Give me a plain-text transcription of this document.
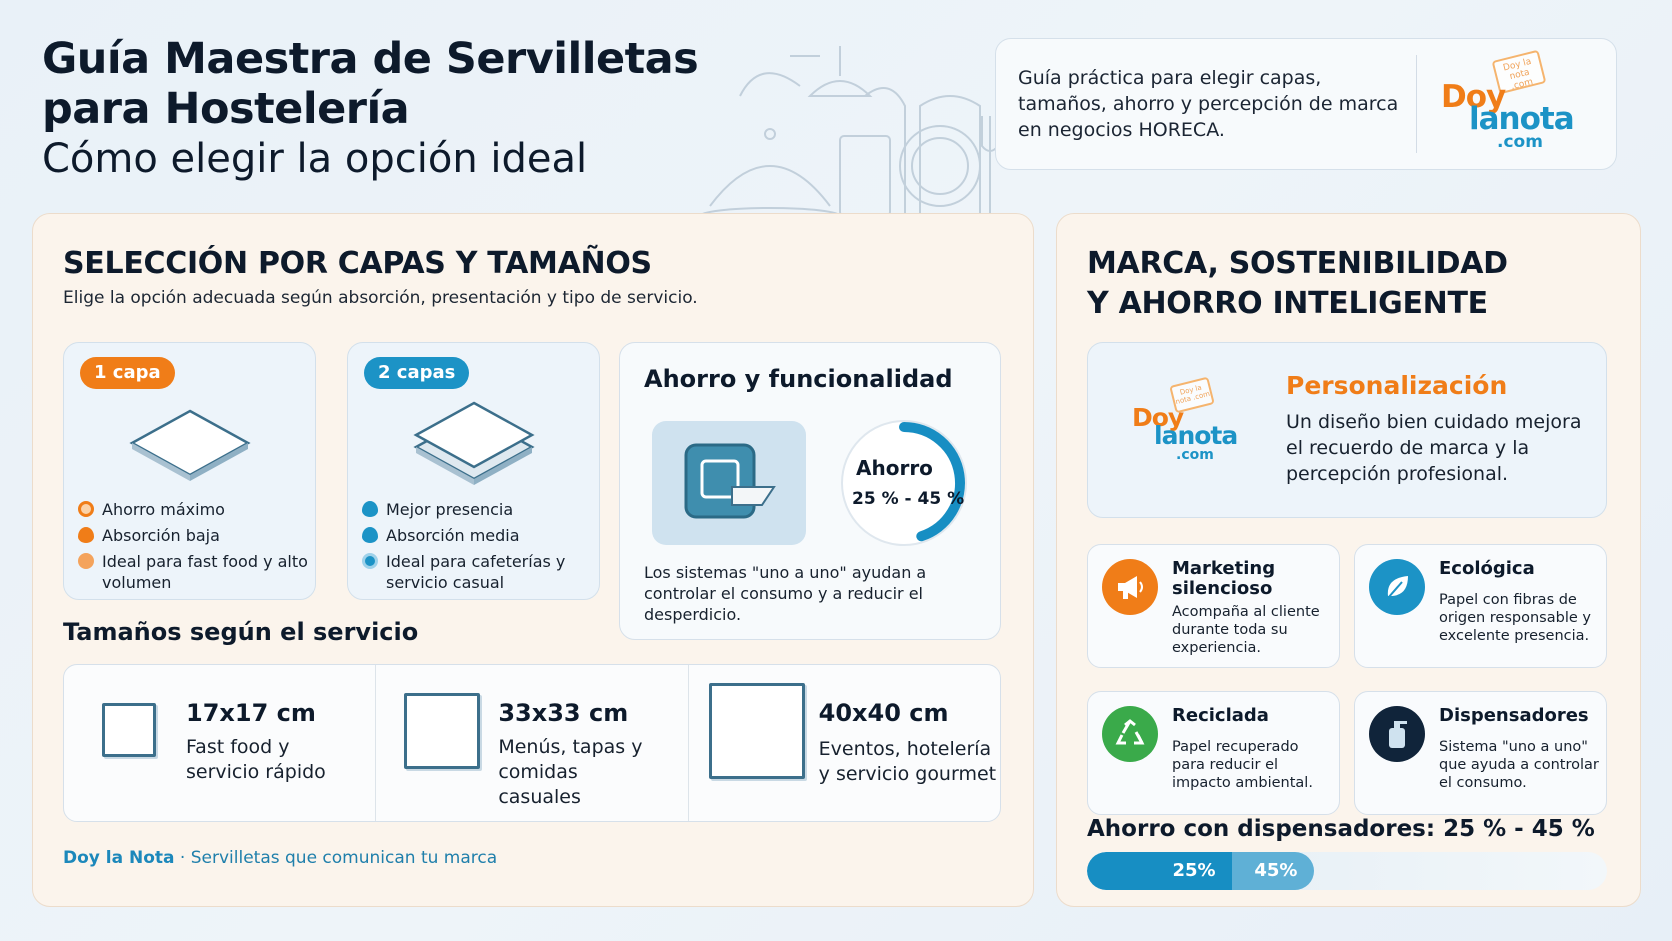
Guía Maestra de Servilletas
para Hostelería
Cómo elegir la opción ideal
Guía práctica para elegir capas, tamaños, ahorro y percepción de marca en negocios HORECA.
Doy la nota .com
Doy
lanota
.com
SELECCIÓN POR CAPAS Y TAMAÑOS
Elige la opción adecuada según absorción, presentación y tipo de servicio.
1 capa
Ahorro máximo
Absorción baja
Ideal para fast food y alto volumen
2 capas
Mejor presencia
Absorción media
Ideal para cafeterías y servicio casual
Ahorro y funcionalidad
Ahorro
25 % - 45 %
Los sistemas "uno a uno" ayudan a controlar el consumo y a reducir el desperdicio.
Tamaños según el servicio
17x17 cm
Fast food y servicio rápido
33x33 cm
Menús, tapas y comidas casuales
40x40 cm
Eventos, hotelería y servicio gourmet
Doy la Nota · Servilletas que comunican tu marca
MARCA, SOSTENIBILIDAD
Y AHORRO INTELIGENTE
Doy la nota .com
Doy
lanota
.com
Personalización
Un diseño bien cuidado mejora el recuerdo de marca y la percepción profesional.
Marketing silencioso
Acompaña al cliente durante toda su experiencia.
Ecológica
Papel con fibras de origen responsable y excelente presencia.
Reciclada
Papel recuperado para reducir el impacto ambiental.
Dispensadores
Sistema "uno a uno" que ayuda a controlar el consumo.
Ahorro con dispensadores: 25 % - 45 %
25% 45%
